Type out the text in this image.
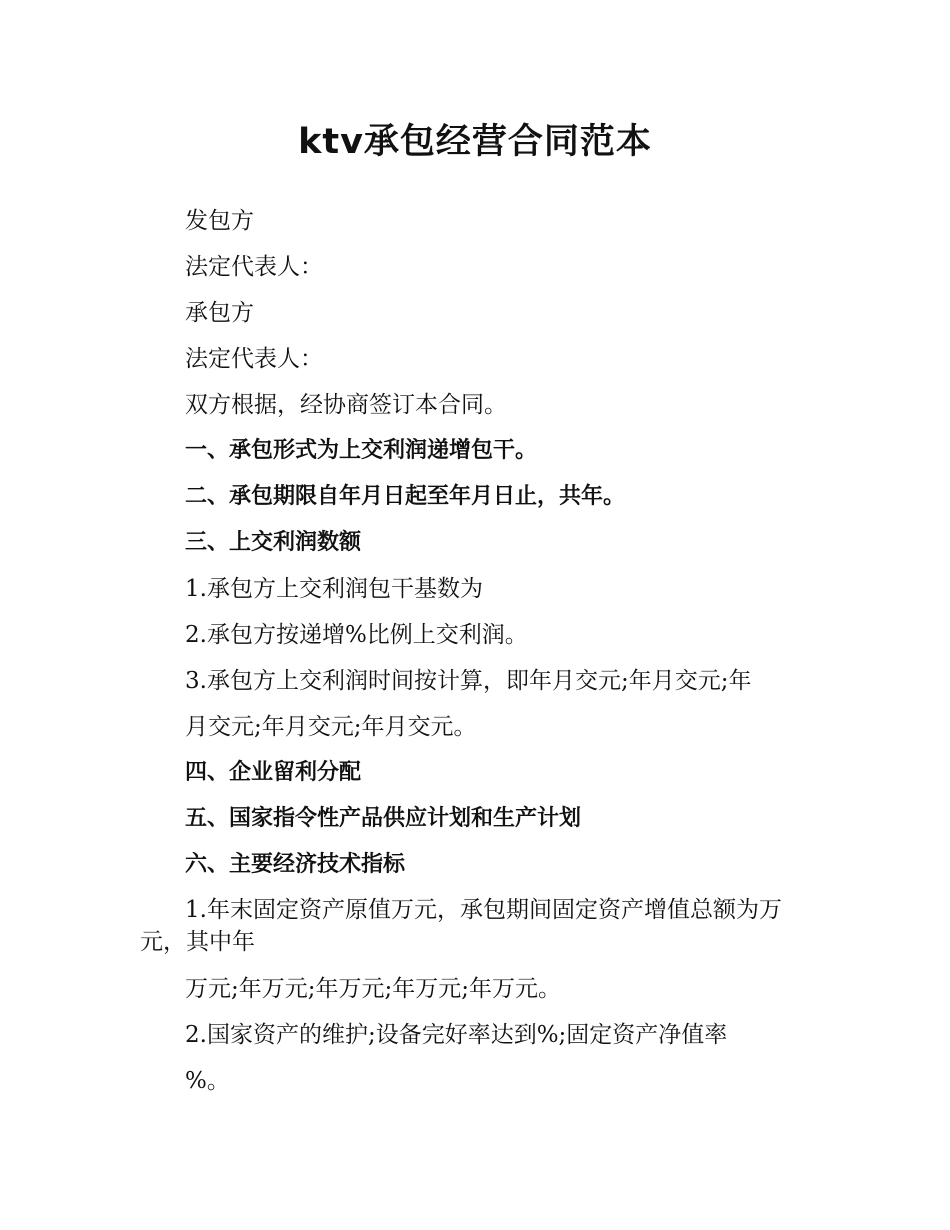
ktv承包经营合同范本

发包方

法定代表人：

承包方

法定代表人：

双方根据，经协商签订本合同。

一、承包形式为上交利润递增包干。

二、承包期限自年月日起至年月日止，共年。

三、上交利润数额

1.承包方上交利润包干基数为

2.承包方按递增%比例上交利润。

3.承包方上交利润时间按计算，即年月交元;年月交元;年

月交元;年月交元;年月交元。

四、企业留利分配

五、国家指令性产品供应计划和生产计划

六、主要经济技术指标

1.年末固定资产原值万元，承包期间固定资产增值总额为万元，其中年

万元;年万元;年万元;年万元;年万元。

2.国家资产的维护;设备完好率达到%;固定资产净值率

%。
